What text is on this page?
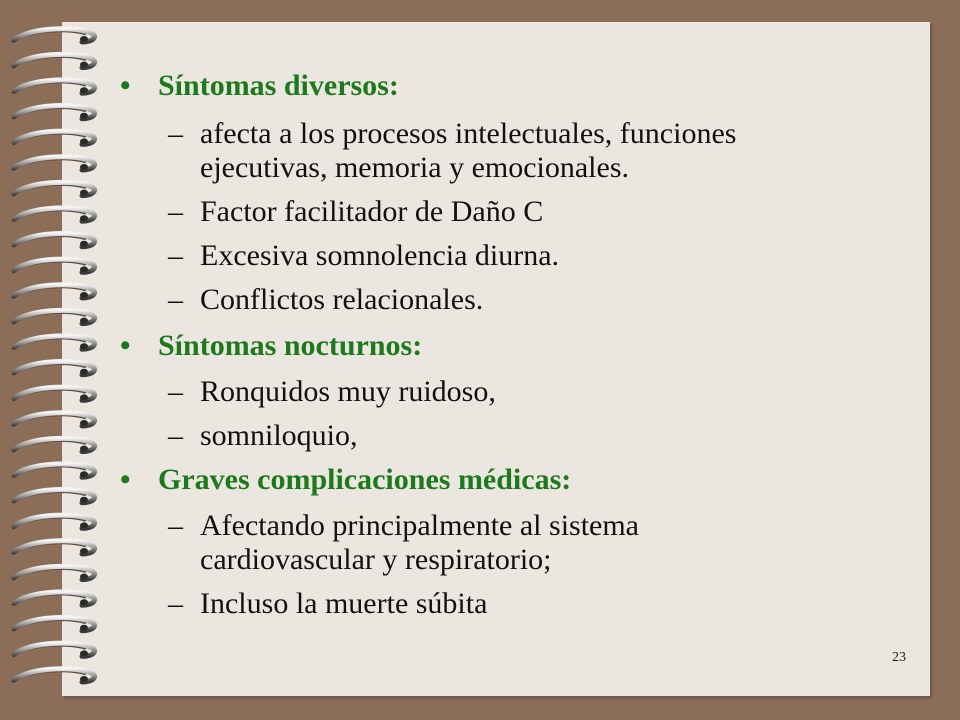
• Síntomas diversos:
– afecta a los procesos intelectuales, funciones
ejecutivas, memoria y emocionales.
– Factor facilitador de Daño C
– Excesiva somnolencia diurna.
– Conflictos relacionales.
• Síntomas nocturnos:
– Ronquidos muy ruidoso,
– somniloquio,
• Graves complicaciones médicas:
– Afectando principalmente al sistema
cardiovascular y respiratorio;
– Incluso la muerte súbita
23
